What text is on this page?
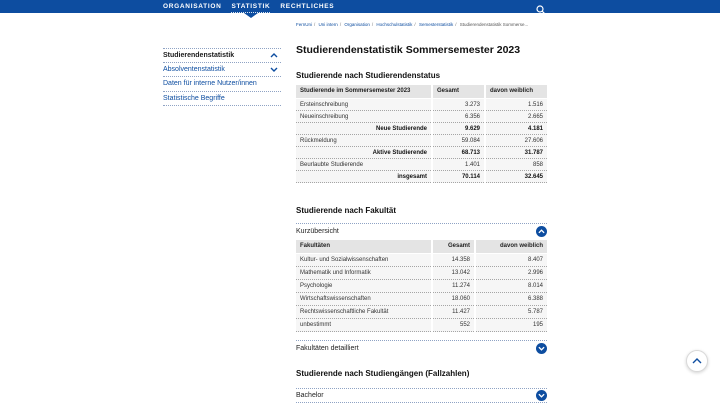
ORGANISATION STATISTIK RECHTLICHES
FernUni / Uni intern / Organisation / Hochschulstatistik / Semesterstatistik / Studierendenstatistik Sommerse...
Studierendenstatistik
Absolventenstatistik
Daten für interne Nutzer/innen
Statistische Begriffe
Studierendenstatistik Sommersemester 2023
Studierende nach Studierendenstatus
Studierende im Sommersemester 2023	Gesamt	davon weiblich
Ersteinschreibung	3.273	1.516
Neueinschreibung	6.356	2.665
Neue Studierende	9.629	4.181
Rückmeldung	59.084	27.606
Aktive Studierende	68.713	31.787
Beurlaubte Studierende	1.401	858
insgesamt	70.114	32.645
Studierende nach Fakultät
Kurzübersicht
Fakultäten	Gesamt	davon weiblich
Kultur- und Sozialwissenschaften	14.358	8.407
Mathematik und Informatik	13.042	2.996
Psychologie	11.274	8.014
Wirtschaftswissenschaften	18.060	6.388
Rechtswissenschaftliche Fakultät	11.427	5.787
unbestimmt	552	195
Fakultäten detailliert
Studierende nach Studiengängen (Fallzahlen)
Bachelor
